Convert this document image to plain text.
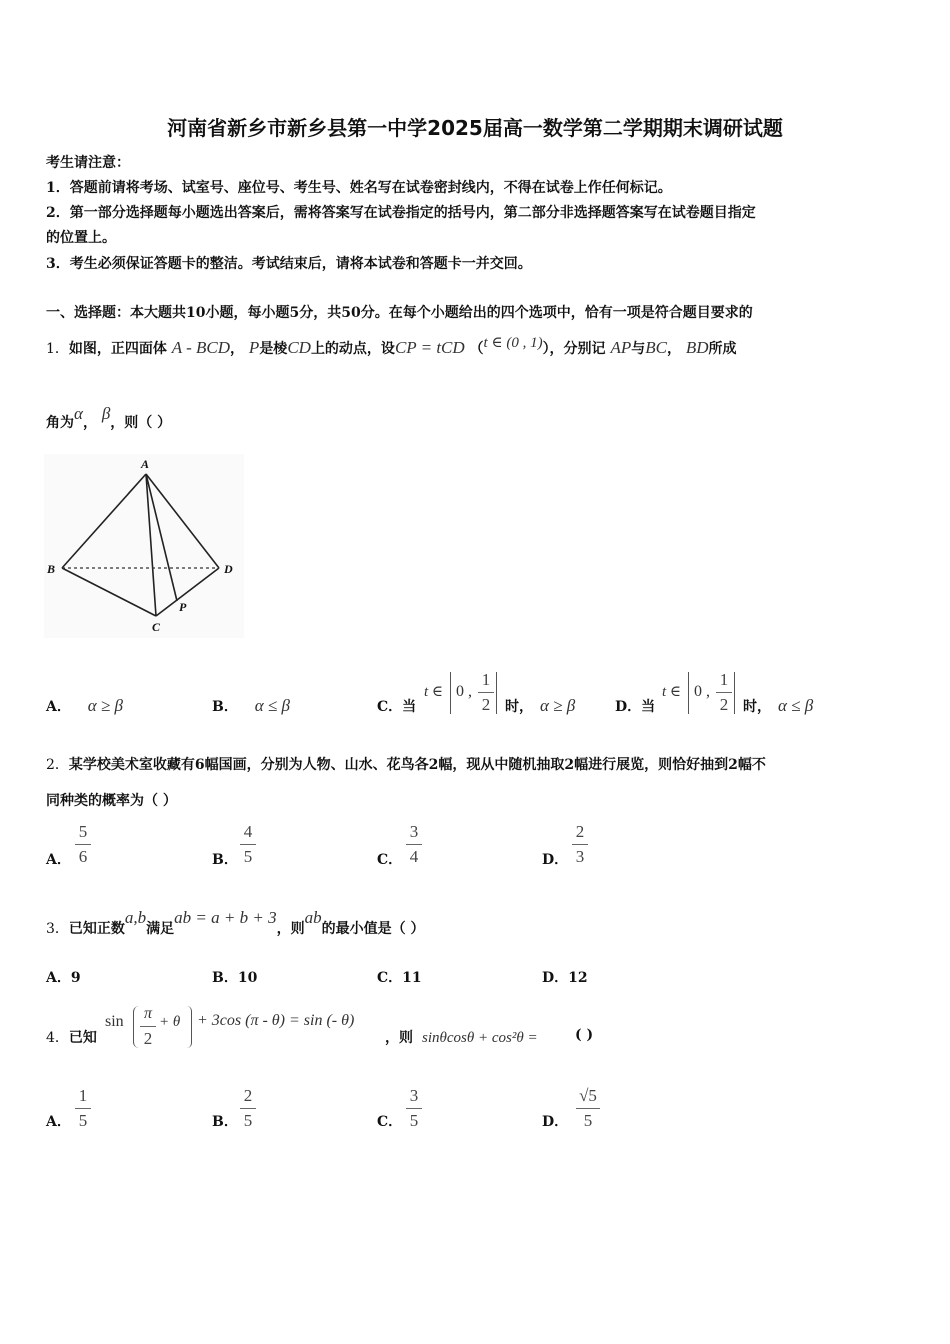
河南省新乡市新乡县第一中学2025届高一数学第二学期期末调研试题
考生请注意：
1．答题前请将考场、试室号、座位号、考生号、姓名写在试卷密封线内，不得在试卷上作任何标记。
2．第一部分选择题每小题选出答案后，需将答案写在试卷指定的括号内，第二部分非选择题答案写在试卷题目指定
的位置上。
3．考生必须保证答题卡的整洁。考试结束后，请将本试卷和答题卡一并交回。
一、选择题：本大题共10小题，每小题5分，共50分。在每个小题给出的四个选项中，恰有一项是符合题目要求的
1．如图，正四面体 A - BCD， P是棱CD上的动点，设CP = tCD （t ∈ (0 , 1)），分别记 AP与BC， BD所成
角为α， β，则（ ）
A
B
C
D
P
A． α ≥ β	B． α ≤ β	C．当
t ∈ 0 ,
1
2	时， α ≥ β	D．当
t ∈ 0 ,
1
2	时， α ≤ β
2．某学校美术室收藏有6幅国画，分别为人物、山水、花鸟各2幅，现从中随机抽取2幅进行展览，则恰好抽到2幅不
同种类的概率为（ ）
A．
5
6	B．
4
5	C．
3
4	D．
2
3
3．已知正数a,b满足ab = a + b + 3，则ab的最小值是（ ）
A．9	B．10	C．11	D．12
4．已知
sin	π
2
+ θ + 3cos (π - θ) = sin (- θ)
，则 sinθcosθ + cos²θ =	( )
A．
1
5	B．
2
5	C．
3
5	D．
√5
5
